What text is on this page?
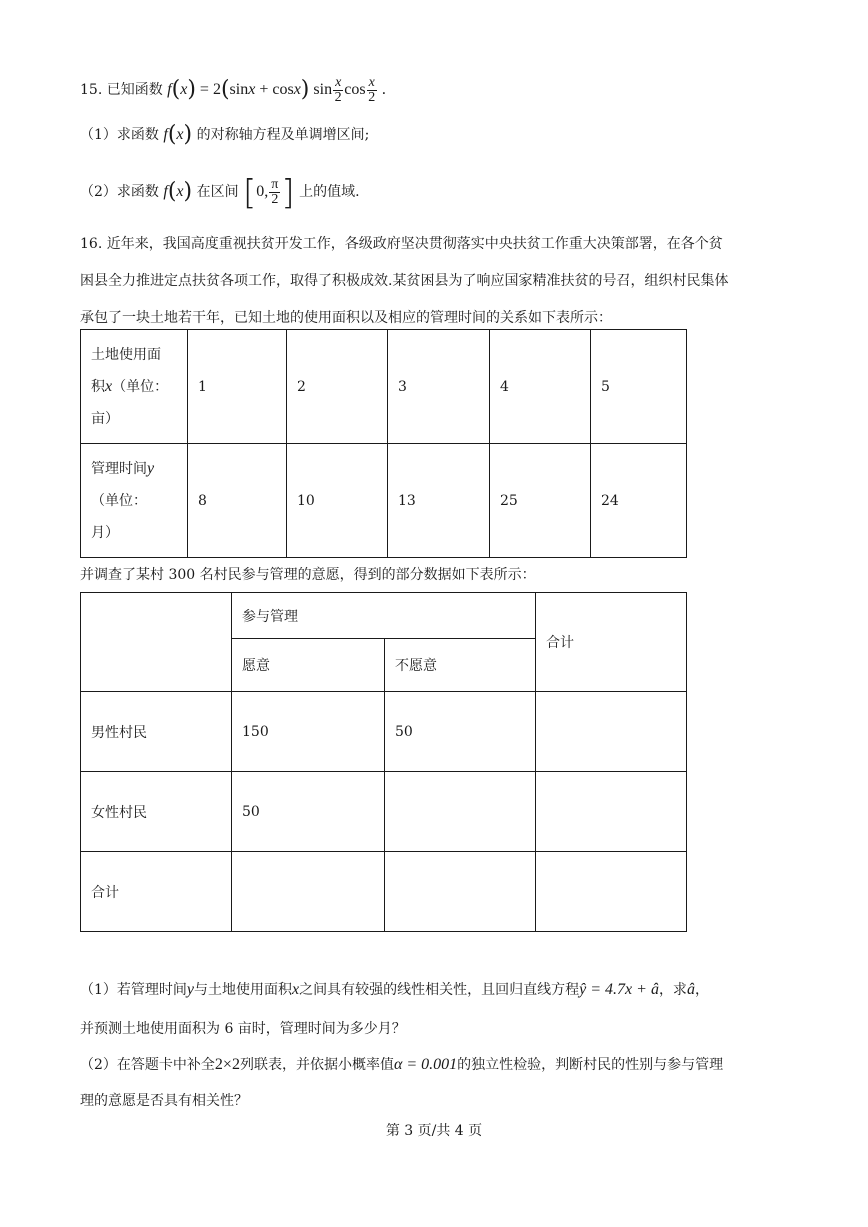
15. 已知函数 f(x) = 2(sinx + cosx) $\sin \frac{x}{2}$ $\cos \frac{x}{2}$ .
（1）求函数 f(x) 的对称轴方程及单调增区间;
（2）求函数 f(x) 在区间 [0, $\frac{\pi}{2}$ ] 上的值域.
16. 近年来，我国高度重视扶贫开发工作，各级政府坚决贯彻落实中央扶贫工作重大决策部署，在各个贫
困县全力推进定点扶贫各项工作，取得了积极成效.某贫困县为了响应国家精准扶贫的号召，组织村民集体
承包了一块土地若干年，已知土地的使用面积以及相应的管理时间的关系如下表所示：
土地使用面
积x（单位：
亩）	1	2	3	4	5
管理时间y
（单位：
月）	8	10	13	25	24
并调查了某村 300 名村民参与管理的意愿，得到的部分数据如下表所示：
	参与管理		合计
	愿意	不愿意	
男性村民	150	50	
女性村民	50		
合计			
（1）若管理时间y与土地使用面积x之间具有较强的线性相关性，且回归直线方程ŷ = 4.7x + â，求â，
并预测土地使用面积为 6 亩时，管理时间为多少月？
（2）在答题卡中补全2×2列联表，并依据小概率值α = 0.001的独立性检验，判断村民的性别与参与管理
理的意愿是否具有相关性？
第 3 页/共 4 页
